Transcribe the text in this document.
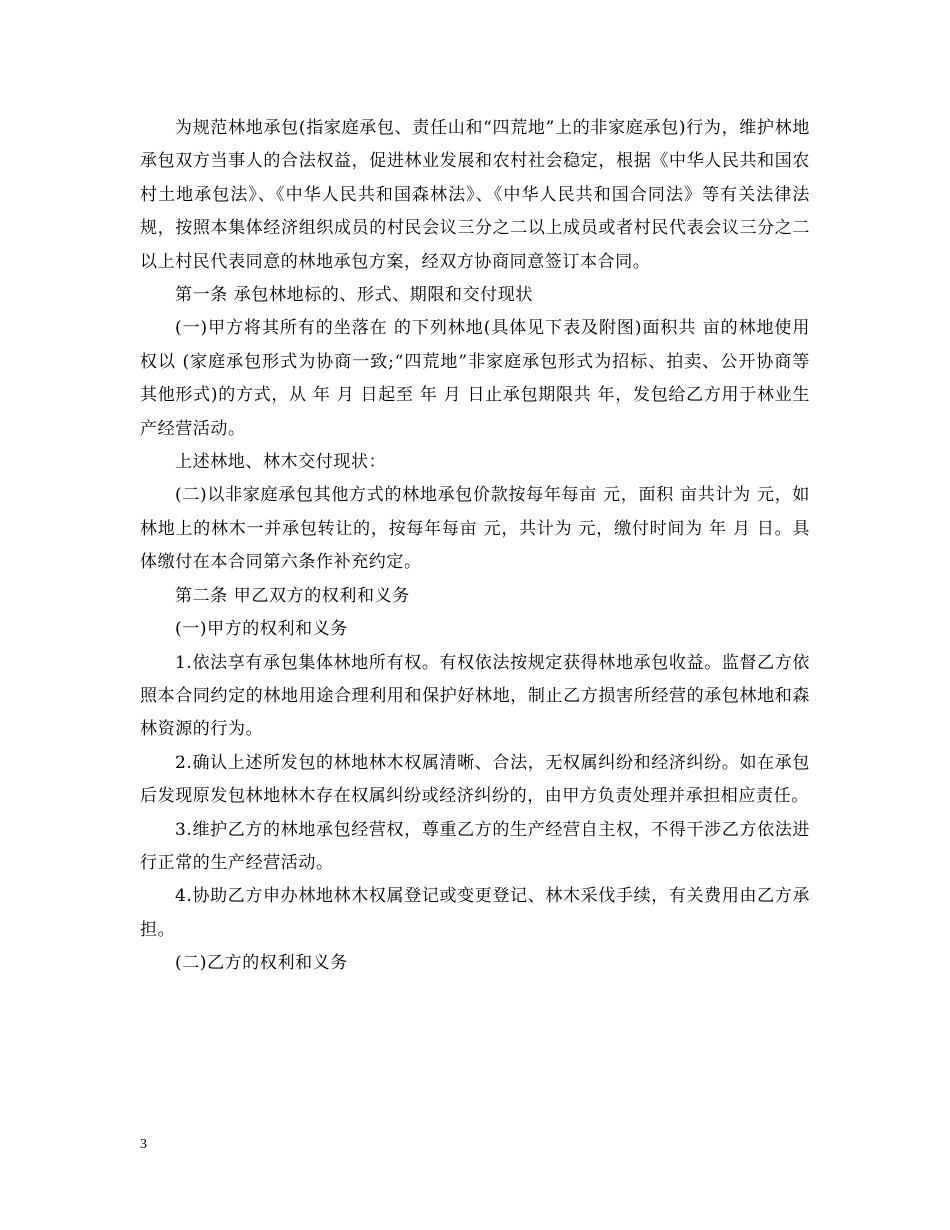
为规范林地承包(指家庭承包、责任山和“四荒地”上的非家庭承包)行为，维护林地承包双方当事人的合法权益，促进林业发展和农村社会稳定，根据《中华人民共和国农村土地承包法》、《中华人民共和国森林法》、《中华人民共和国合同法》等有关法律法规，按照本集体经济组织成员的村民会议三分之二以上成员或者村民代表会议三分之二以上村民代表同意的林地承包方案，经双方协商同意签订本合同。

第一条 承包林地标的、形式、期限和交付现状

(一)甲方将其所有的坐落在 的下列林地(具体见下表及附图)面积共 亩的林地使用权以 (家庭承包形式为协商一致;“四荒地”非家庭承包形式为招标、拍卖、公开协商等其他形式)的方式，从 年 月 日起至 年 月 日止承包期限共 年，发包给乙方用于林业生产经营活动。

上述林地、林木交付现状：

(二)以非家庭承包其他方式的林地承包价款按每年每亩 元，面积 亩共计为 元，如林地上的林木一并承包转让的，按每年每亩 元，共计为 元，缴付时间为 年 月 日。具体缴付在本合同第六条作补充约定。

第二条 甲乙双方的权利和义务

(一)甲方的权利和义务

1.依法享有承包集体林地所有权。有权依法按规定获得林地承包收益。监督乙方依照本合同约定的林地用途合理利用和保护好林地，制止乙方损害所经营的承包林地和森林资源的行为。

2.确认上述所发包的林地林木权属清晰、合法，无权属纠纷和经济纠纷。如在承包后发现原发包林地林木存在权属纠纷或经济纠纷的，由甲方负责处理并承担相应责任。

3.维护乙方的林地承包经营权，尊重乙方的生产经营自主权，不得干涉乙方依法进行正常的生产经营活动。

4.协助乙方申办林地林木权属登记或变更登记、林木采伐手续，有关费用由乙方承担。

(二)乙方的权利和义务

3
